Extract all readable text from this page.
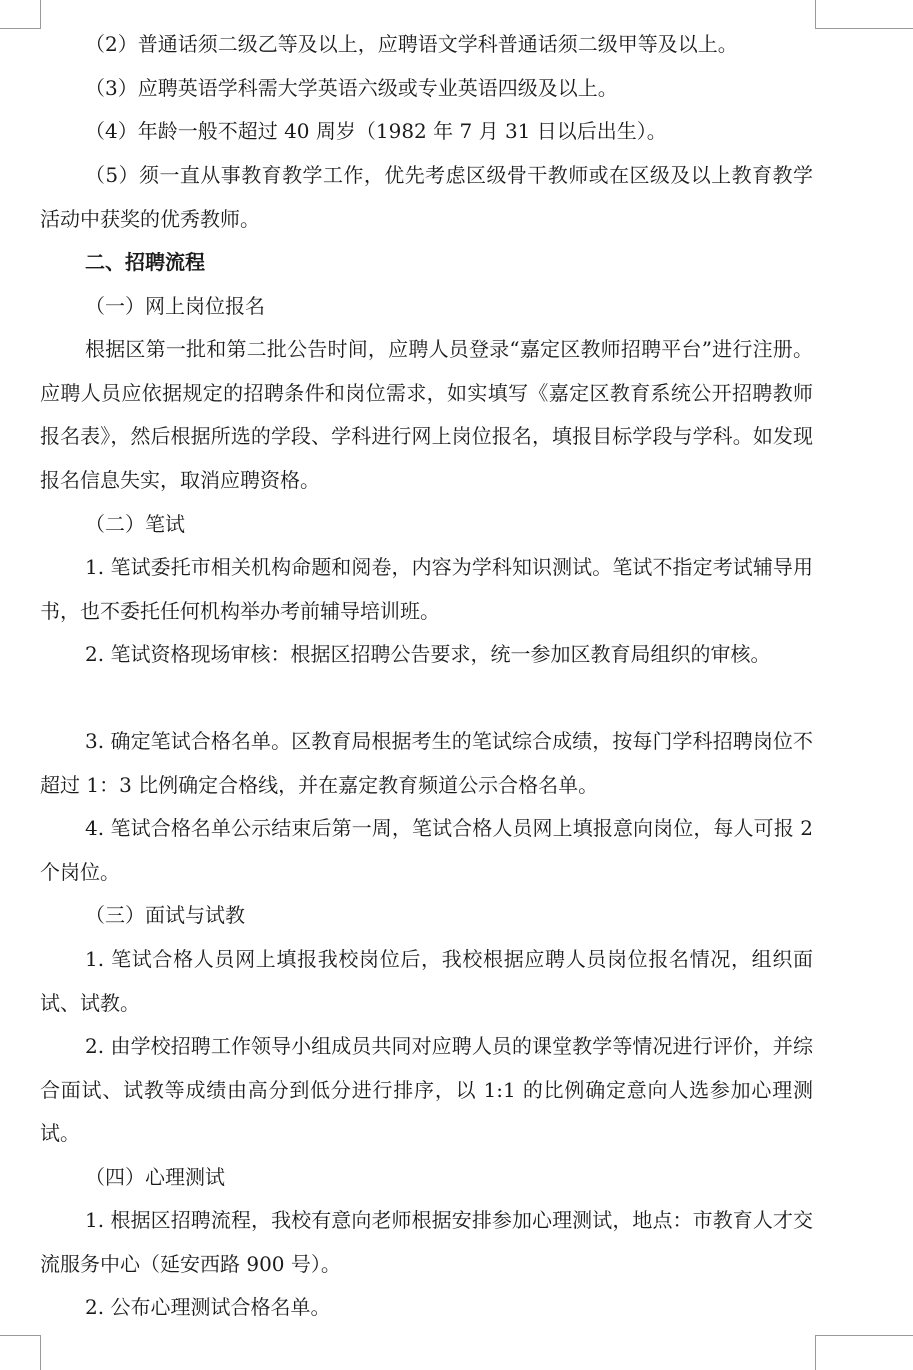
（2）普通话须二级乙等及以上，应聘语文学科普通话须二级甲等及以上。

（3）应聘英语学科需大学英语六级或专业英语四级及以上。

（4）年龄一般不超过 40 周岁（1982 年 7 月 31 日以后出生）。

（5）须一直从事教育教学工作，优先考虑区级骨干教师或在区级及以上教育教学活动中获奖的优秀教师。

二、招聘流程

（一）网上岗位报名

根据区第一批和第二批公告时间，应聘人员登录“嘉定区教师招聘平台”进行注册。应聘人员应依据规定的招聘条件和岗位需求，如实填写《嘉定区教育系统公开招聘教师报名表》，然后根据所选的学段、学科进行网上岗位报名，填报目标学段与学科。如发现报名信息失实，取消应聘资格。

（二）笔试

1. 笔试委托市相关机构命题和阅卷，内容为学科知识测试。笔试不指定考试辅导用书，也不委托任何机构举办考前辅导培训班。

2. 笔试资格现场审核：根据区招聘公告要求，统一参加区教育局组织的审核。

3. 确定笔试合格名单。区教育局根据考生的笔试综合成绩，按每门学科招聘岗位不超过 1：3 比例确定合格线，并在嘉定教育频道公示合格名单。

4. 笔试合格名单公示结束后第一周，笔试合格人员网上填报意向岗位，每人可报 2 个岗位。

（三）面试与试教

1. 笔试合格人员网上填报我校岗位后，我校根据应聘人员岗位报名情况，组织面试、试教。

2. 由学校招聘工作领导小组成员共同对应聘人员的课堂教学等情况进行评价，并综合面试、试教等成绩由高分到低分进行排序，以 1:1 的比例确定意向人选参加心理测试。

（四）心理测试

1. 根据区招聘流程，我校有意向老师根据安排参加心理测试，地点：市教育人才交流服务中心（延安西路 900 号）。

2. 公布心理测试合格名单。
